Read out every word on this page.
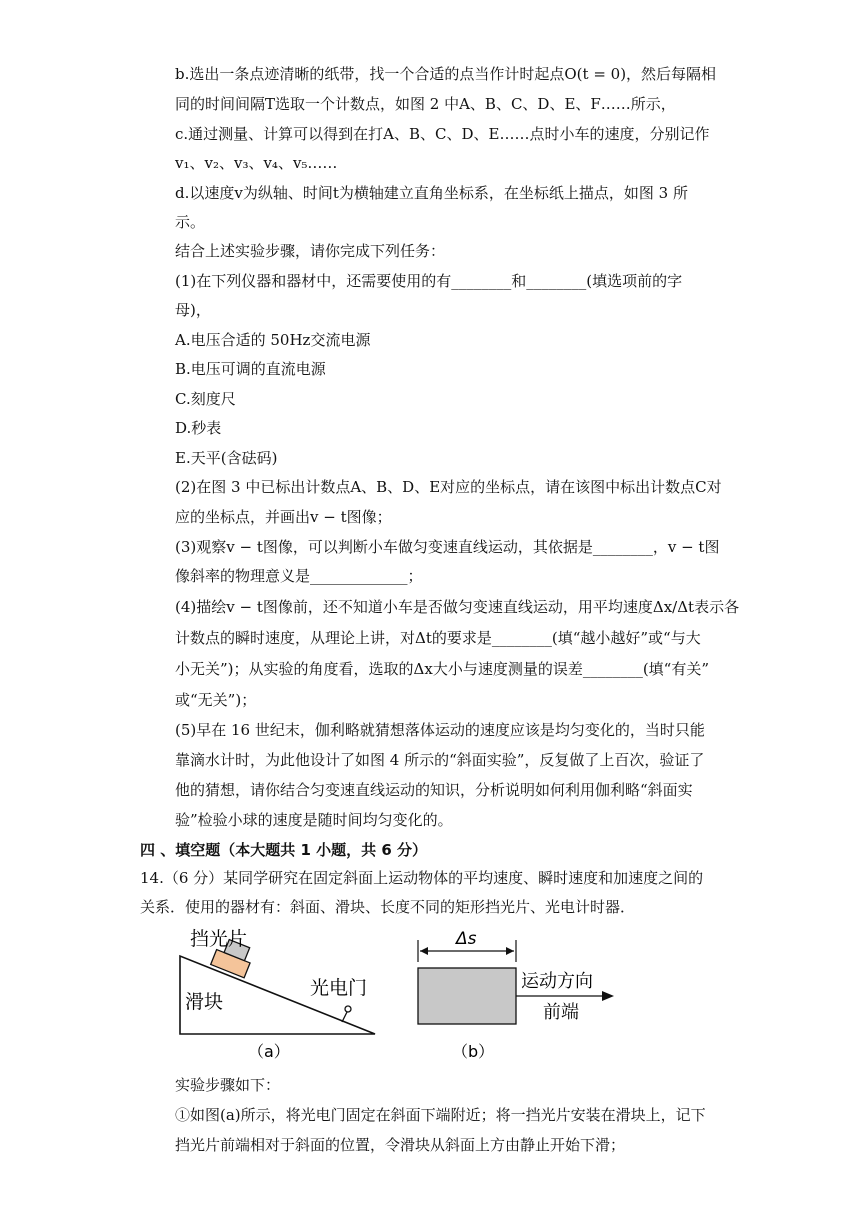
b.选出一条点迹清晰的纸带，找一个合适的点当作计时起点O(t = 0)，然后每隔相
同的时间间隔T选取一个计数点，如图 2 中A、B、C、D、E、F……所示，
c.通过测量、计算可以得到在打A、B、C、D、E……点时小车的速度，分别记作
v₁、v₂、v₃、v₄、v₅……
d.以速度v为纵轴、时间t为横轴建立直角坐标系，在坐标纸上描点，如图 3 所
示。
结合上述实验步骤，请你完成下列任务：
(1)在下列仪器和器材中，还需要使用的有________和________(填选项前的字
母)，
A.电压合适的 50Hz交流电源
B.电压可调的直流电源
C.刻度尺
D.秒表
E.天平(含砝码)
(2)在图 3 中已标出计数点A、B、D、E对应的坐标点，请在该图中标出计数点C对
应的坐标点，并画出v − t图像；
(3)观察v − t图像，可以判断小车做匀变速直线运动，其依据是________，v − t图
像斜率的物理意义是_____________；
(4)描绘v − t图像前，还不知道小车是否做匀变速直线运动，用平均速度Δx/Δt表示各
计数点的瞬时速度，从理论上讲，对Δt的要求是________(填“越小越好”或“与大
小无关”)；从实验的角度看，选取的Δx大小与速度测量的误差________(填“有关”
或“无关”)；
(5)早在 16 世纪末，伽利略就猜想落体运动的速度应该是均匀变化的，当时只能
靠滴水计时，为此他设计了如图 4 所示的“斜面实验”，反复做了上百次，验证了
他的猜想，请你结合匀变速直线运动的知识，分析说明如何利用伽利略“斜面实
验”检验小球的速度是随时间均匀变化的。
四 、填空题（本大题共 1 小题，共 6 分）
14.（6 分）某同学研究在固定斜面上运动物体的平均速度、瞬时速度和加速度之间的
关系．使用的器材有：斜面、滑块、长度不同的矩形挡光片、光电计时器．
挡光片
滑块
光电门
（a）
Δs
运动方向
前端
（b）
实验步骤如下：
①如图(a)所示，将光电门固定在斜面下端附近；将一挡光片安装在滑块上，记下
挡光片前端相对于斜面的位置，令滑块从斜面上方由静止开始下滑；
